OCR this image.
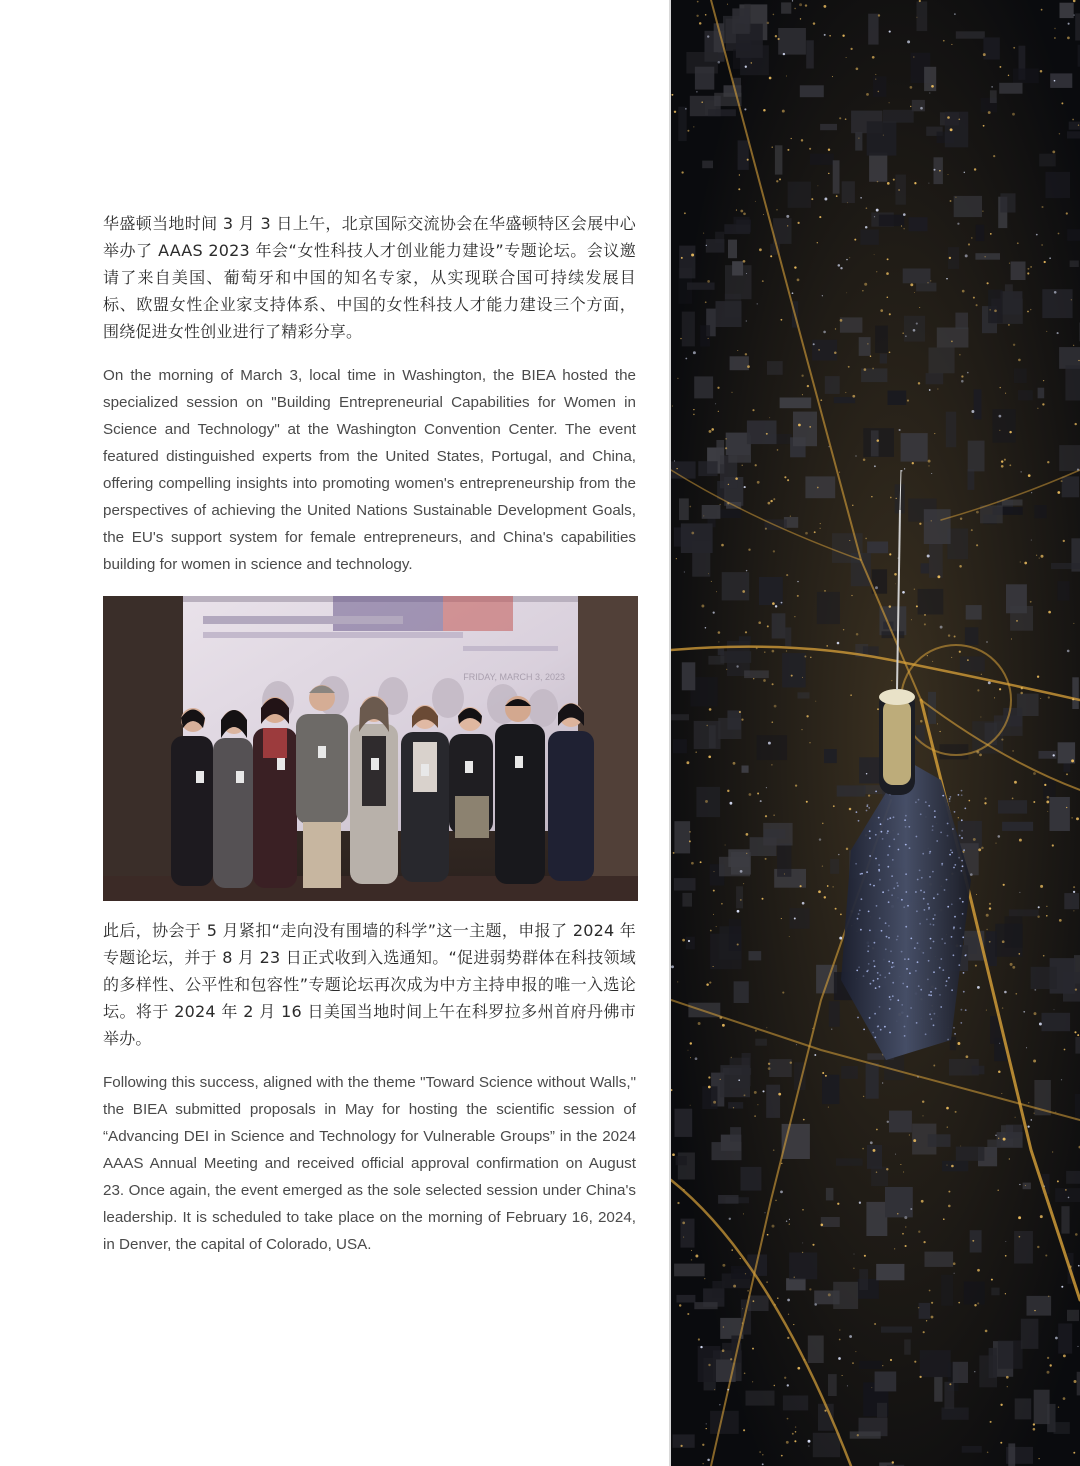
华盛顿当地时间 3 月 3 日上午，北京国际交流协会在华盛顿特区会展中心举办了 AAAS 2023 年会“女性科技人才创业能力建设”专题论坛。会议邀请了来自美国、葡萄牙和中国的知名专家，从实现联合国可持续发展目标、欧盟女性企业家支持体系、中国的女性科技人才能力建设三个方面，围绕促进女性创业进行了精彩分享。

On the morning of March 3, local time in Washington, the BIEA hosted the specialized session on "Building Entrepreneurial Capabilities for Women in Science and Technology" at the Washington Convention Center. The event featured distinguished experts from the United States, Portugal, and China, offering compelling insights into promoting women's entrepreneurship from the perspectives of achieving the United Nations Sustainable Development Goals, the EU's support system for female entrepreneurs, and China's capabilities building for women in science and technology.

FRIDAY, MARCH 3, 2023

此后，协会于 5 月紧扣“走向没有围墙的科学”这一主题，申报了 2024 年专题论坛，并于 8 月 23 日正式收到入选通知。“促进弱势群体在科技领域的多样性、公平性和包容性”专题论坛再次成为中方主持申报的唯一入选论坛。将于 2024 年 2 月 16 日美国当地时间上午在科罗拉多州首府丹佛市举办。

Following this success, aligned with the theme "Toward Science without Walls," the BIEA submitted proposals in May for hosting the scientific session of “Advancing DEI in Science and Technology for Vulnerable Groups” in the 2024 AAAS Annual Meeting and received official approval confirmation on August 23. Once again, the event emerged as the sole selected session under China's leadership. It is scheduled to take place on the morning of February 16, 2024, in Denver, the capital of Colorado, USA.
